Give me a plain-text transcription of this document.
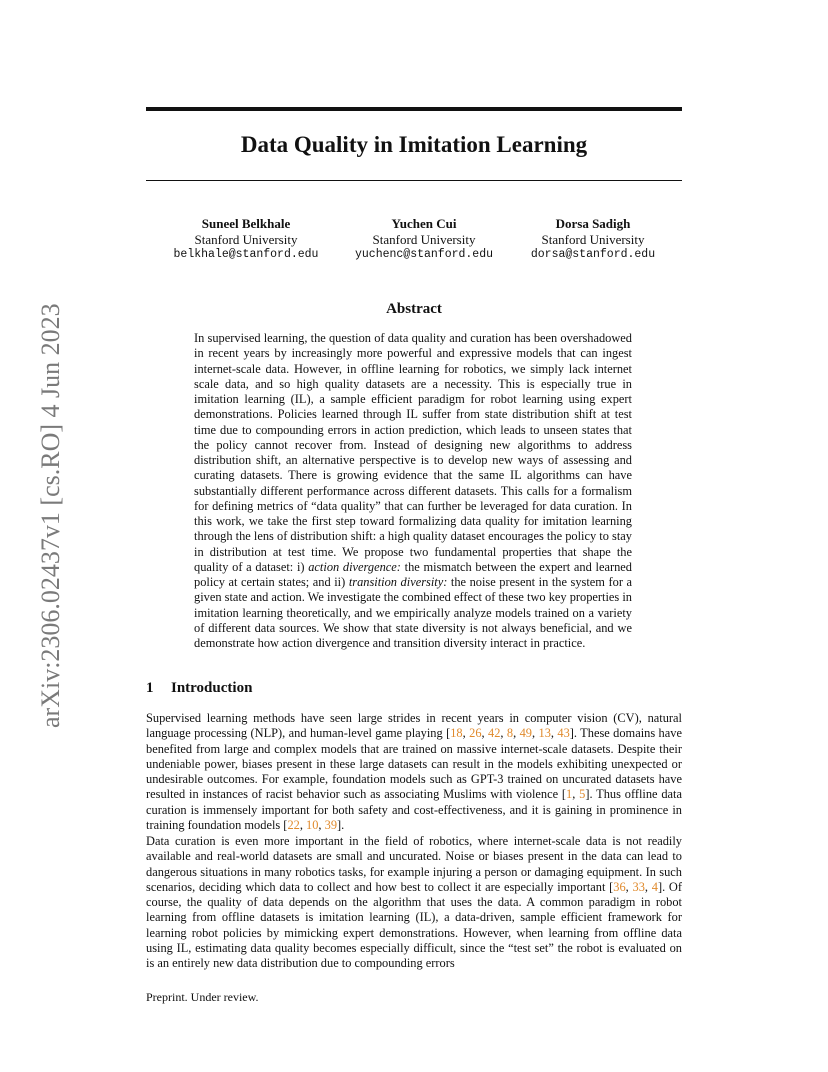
arXiv:2306.02437v1 [cs.RO] 4 Jun 2023
Data Quality in Imitation Learning
Suneel Belkhale
Stanford University
belkhale@stanford.edu
Yuchen Cui
Stanford University
yuchenc@stanford.edu
Dorsa Sadigh
Stanford University
dorsa@stanford.edu
Abstract

In supervised learning, the question of data quality and curation has been overshadowed in recent years by increasingly more powerful and expressive models that can ingest internet-scale data. However, in offline learning for robotics, we simply lack internet scale data, and so high quality datasets are a necessity. This is especially true in imitation learning (IL), a sample efficient paradigm for robot learning using expert demonstrations. Policies learned through IL suffer from state distribution shift at test time due to compounding errors in action prediction, which leads to unseen states that the policy cannot recover from. Instead of designing new algorithms to address distribution shift, an alternative perspective is to develop new ways of assessing and curating datasets. There is growing evidence that the same IL algorithms can have substantially different performance across different datasets. This calls for a formalism for defining metrics of “data quality” that can further be leveraged for data curation. In this work, we take the first step toward formalizing data quality for imitation learning through the lens of distribution shift: a high quality dataset encourages the policy to stay in distribution at test time. We propose two fundamental properties that shape the quality of a dataset: i) action divergence: the mismatch between the expert and learned policy at certain states; and ii) transition diversity: the noise present in the system for a given state and action. We investigate the combined effect of these two key properties in imitation learning theoretically, and we empirically analyze models trained on a variety of different data sources. We show that state diversity is not always beneficial, and we demonstrate how action divergence and transition diversity interact in practice.

1 Introduction

Supervised learning methods have seen large strides in recent years in computer vision (CV), natural language processing (NLP), and human-level game playing [18, 26, 42, 8, 49, 13, 43]. These domains have benefited from large and complex models that are trained on massive internet-scale datasets. Despite their undeniable power, biases present in these large datasets can result in the models exhibiting unexpected or undesirable outcomes. For example, foundation models such as GPT-3 trained on uncurated datasets have resulted in instances of racist behavior such as associating Muslims with violence [1, 5]. Thus offline data curation is immensely important for both safety and cost-effectiveness, and it is gaining in prominence in training foundation models [22, 10, 39].

Data curation is even more important in the field of robotics, where internet-scale data is not readily available and real-world datasets are small and uncurated. Noise or biases present in the data can lead to dangerous situations in many robotics tasks, for example injuring a person or damaging equipment. In such scenarios, deciding which data to collect and how best to collect it are especially important [36, 33, 4]. Of course, the quality of data depends on the algorithm that uses the data. A common paradigm in robot learning from offline datasets is imitation learning (IL), a data-driven, sample efficient framework for learning robot policies by mimicking expert demonstrations. However, when learning from offline data using IL, estimating data quality becomes especially difficult, since the “test set” the robot is evaluated on is an entirely new data distribution due to compounding errors

Preprint. Under review.
